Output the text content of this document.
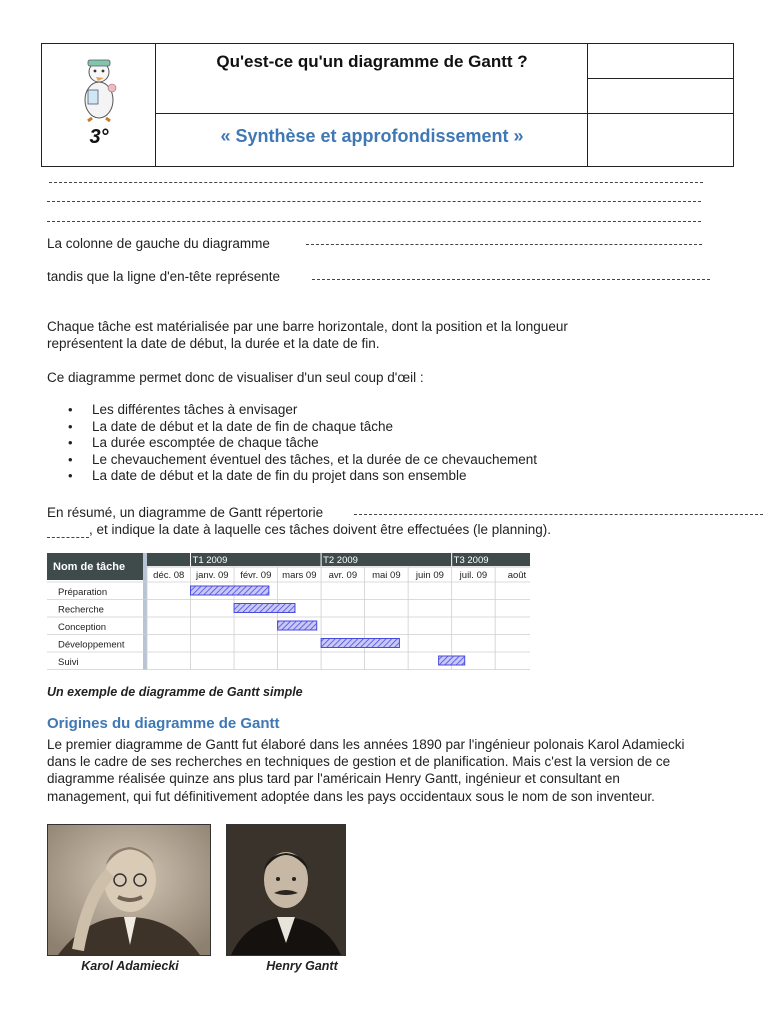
Qu'est-ce qu'un diagramme de Gantt ?
« Synthèse et approfondissement »
3°
La colonne de gauche du diagramme
tandis que la ligne d'en-tête représente
Chaque tâche est matérialisée par une barre horizontale, dont la position et la longueur
représentent la date de début, la durée et la date de fin.
Ce diagramme permet donc de visualiser d'un seul coup d'œil :
• Les différentes tâches à envisager
• La date de début et la date de fin de chaque tâche
• La durée escomptée de chaque tâche
• Le chevauchement éventuel des tâches, et la durée de ce chevauchement
• La date de début et la date de fin du projet dans son ensemble
En résumé, un diagramme de Gantt répertorie
, et indique la date à laquelle ces tâches doivent être effectuées (le planning).
Nom de tâche
T1 2009	T2 2009	T3 2009
déc. 08 janv. 09 févr. 09 mars 09 avr. 09 mai 09 juin 09 juil. 09 août
Préparation
Recherche
Conception
Développement
Suivi
Un exemple de diagramme de Gantt simple
Origines du diagramme de Gantt
Le premier diagramme de Gantt fut élaboré dans les années 1890 par l'ingénieur polonais Karol Adamiecki
dans le cadre de ses recherches en techniques de gestion et de planification. Mais c'est la version de ce
diagramme réalisée quinze ans plus tard par l'américain Henry Gantt, ingénieur et consultant en
management, qui fut définitivement adoptée dans les pays occidentaux sous le nom de son inventeur.
Karol Adamiecki	Henry Gantt
